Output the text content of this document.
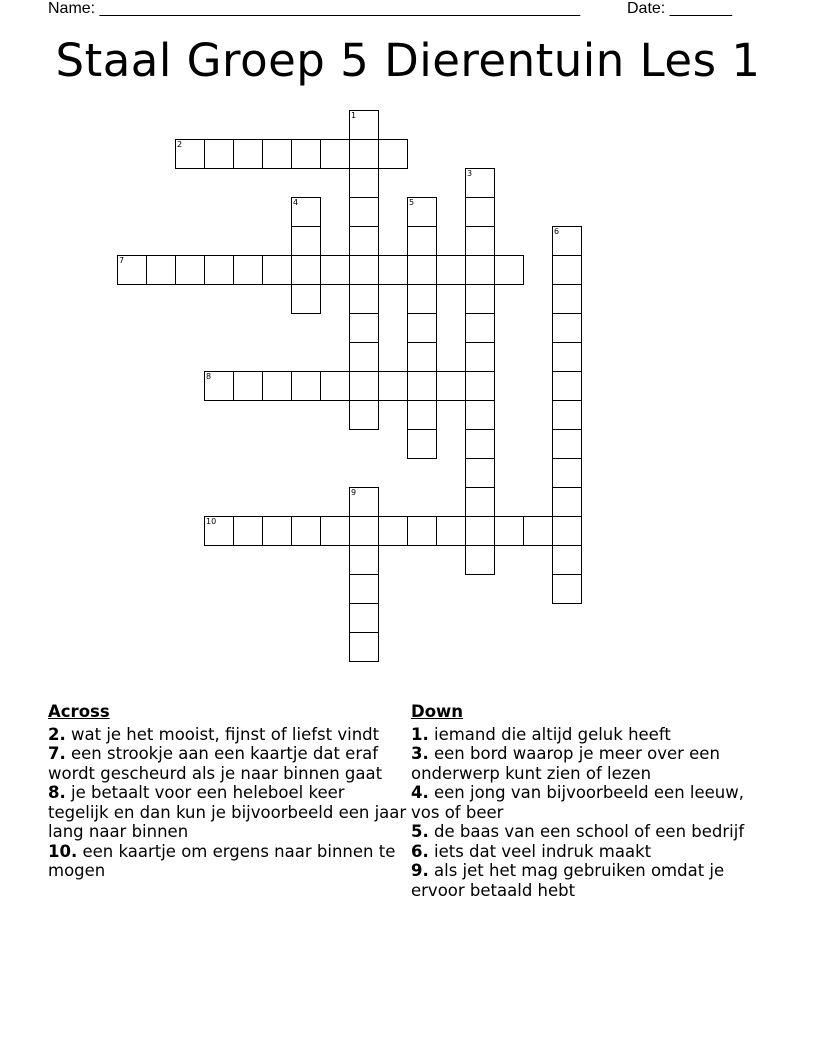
Name: ______________________________________________________	Date: _______
Staal Groep 5 Dierentuin Les 1
1
2
3
4	5
6
7
8
9
10
Across
2. wat je het mooist, fijnst of liefst vindt
7. een strookje aan een kaartje dat eraf wordt gescheurd als je naar binnen gaat
8. je betaalt voor een heleboel keer tegelijk en dan kun je bijvoorbeeld een jaar lang naar binnen
10. een kaartje om ergens naar binnen te mogen
Down
1. iemand die altijd geluk heeft
3. een bord waarop je meer over een onderwerp kunt zien of lezen
4. een jong van bijvoorbeeld een leeuw, vos of beer
5. de baas van een school of een bedrijf
6. iets dat veel indruk maakt
9. als jet het mag gebruiken omdat je ervoor betaald hebt
